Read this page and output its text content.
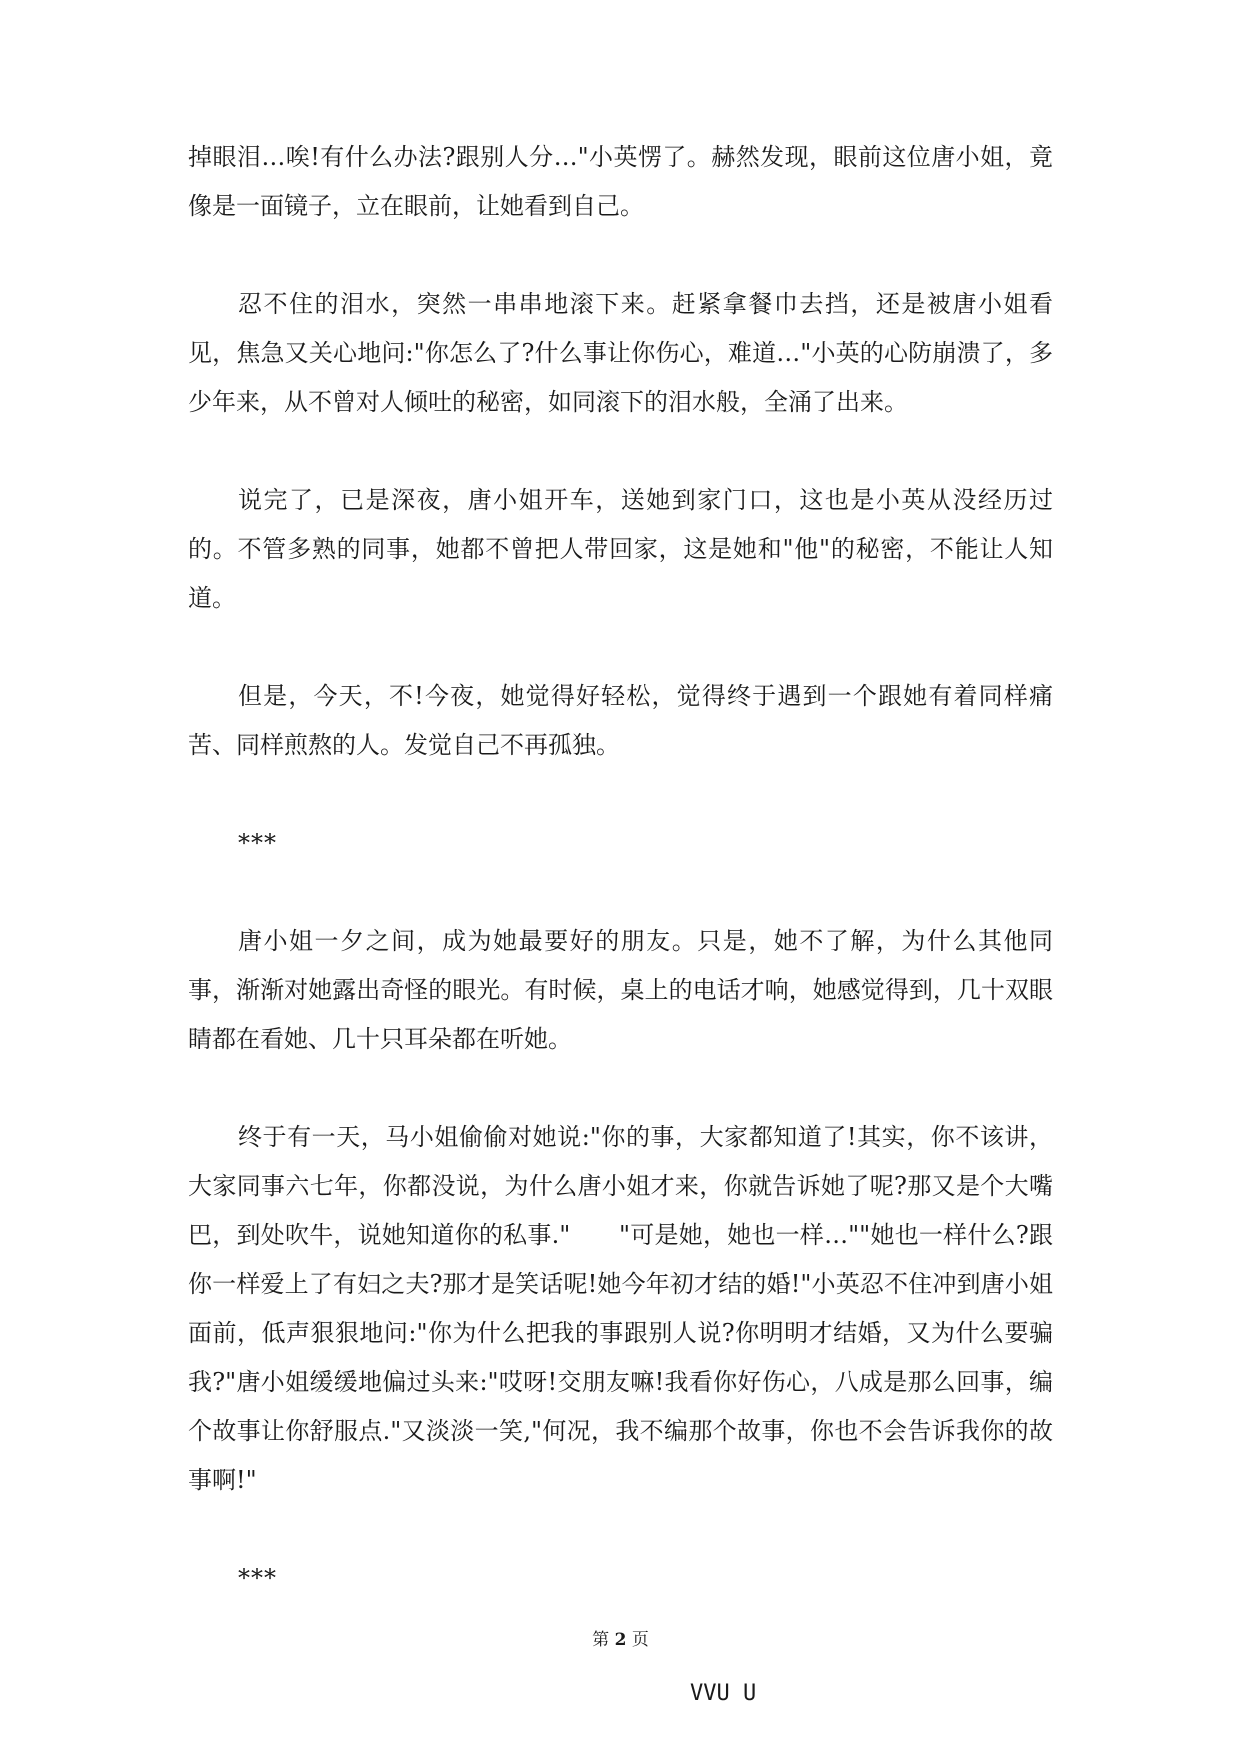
掉眼泪…唉!有什么办法?跟别人分…"小英愣了。赫然发现，眼前这位唐小姐，竟像是一面镜子，立在眼前，让她看到自己。

忍不住的泪水，突然一串串地滚下来。赶紧拿餐巾去挡，还是被唐小姐看见，焦急又关心地问:"你怎么了?什么事让你伤心，难道…"小英的心防崩溃了，多少年来，从不曾对人倾吐的秘密，如同滚下的泪水般，全涌了出来。

说完了，已是深夜，唐小姐开车，送她到家门口，这也是小英从没经历过的。不管多熟的同事，她都不曾把人带回家，这是她和"他"的秘密，不能让人知道。

但是，今天，不!今夜，她觉得好轻松，觉得终于遇到一个跟她有着同样痛苦、同样煎熬的人。发觉自己不再孤独。

***

唐小姐一夕之间，成为她最要好的朋友。只是，她不了解，为什么其他同事，渐渐对她露出奇怪的眼光。有时候，桌上的电话才响，她感觉得到，几十双眼睛都在看她、几十只耳朵都在听她。

终于有一天，马小姐偷偷对她说:"你的事，大家都知道了!其实，你不该讲，大家同事六七年，你都没说，为什么唐小姐才来，你就告诉她了呢?那又是个大嘴巴，到处吹牛，说她知道你的私事."　　"可是她，她也一样…""她也一样什么?跟你一样爱上了有妇之夫?那才是笑话呢!她今年初才结的婚!"小英忍不住冲到唐小姐面前，低声狠狠地问:"你为什么把我的事跟别人说?你明明才结婚，又为什么要骗我?"唐小姐缓缓地偏过头来:"哎呀!交朋友嘛!我看你好伤心，八成是那么回事，编个故事让你舒服点."又淡淡一笑,"何况，我不编那个故事，你也不会告诉我你的故事啊!"

***

第 2 页
VVU U
